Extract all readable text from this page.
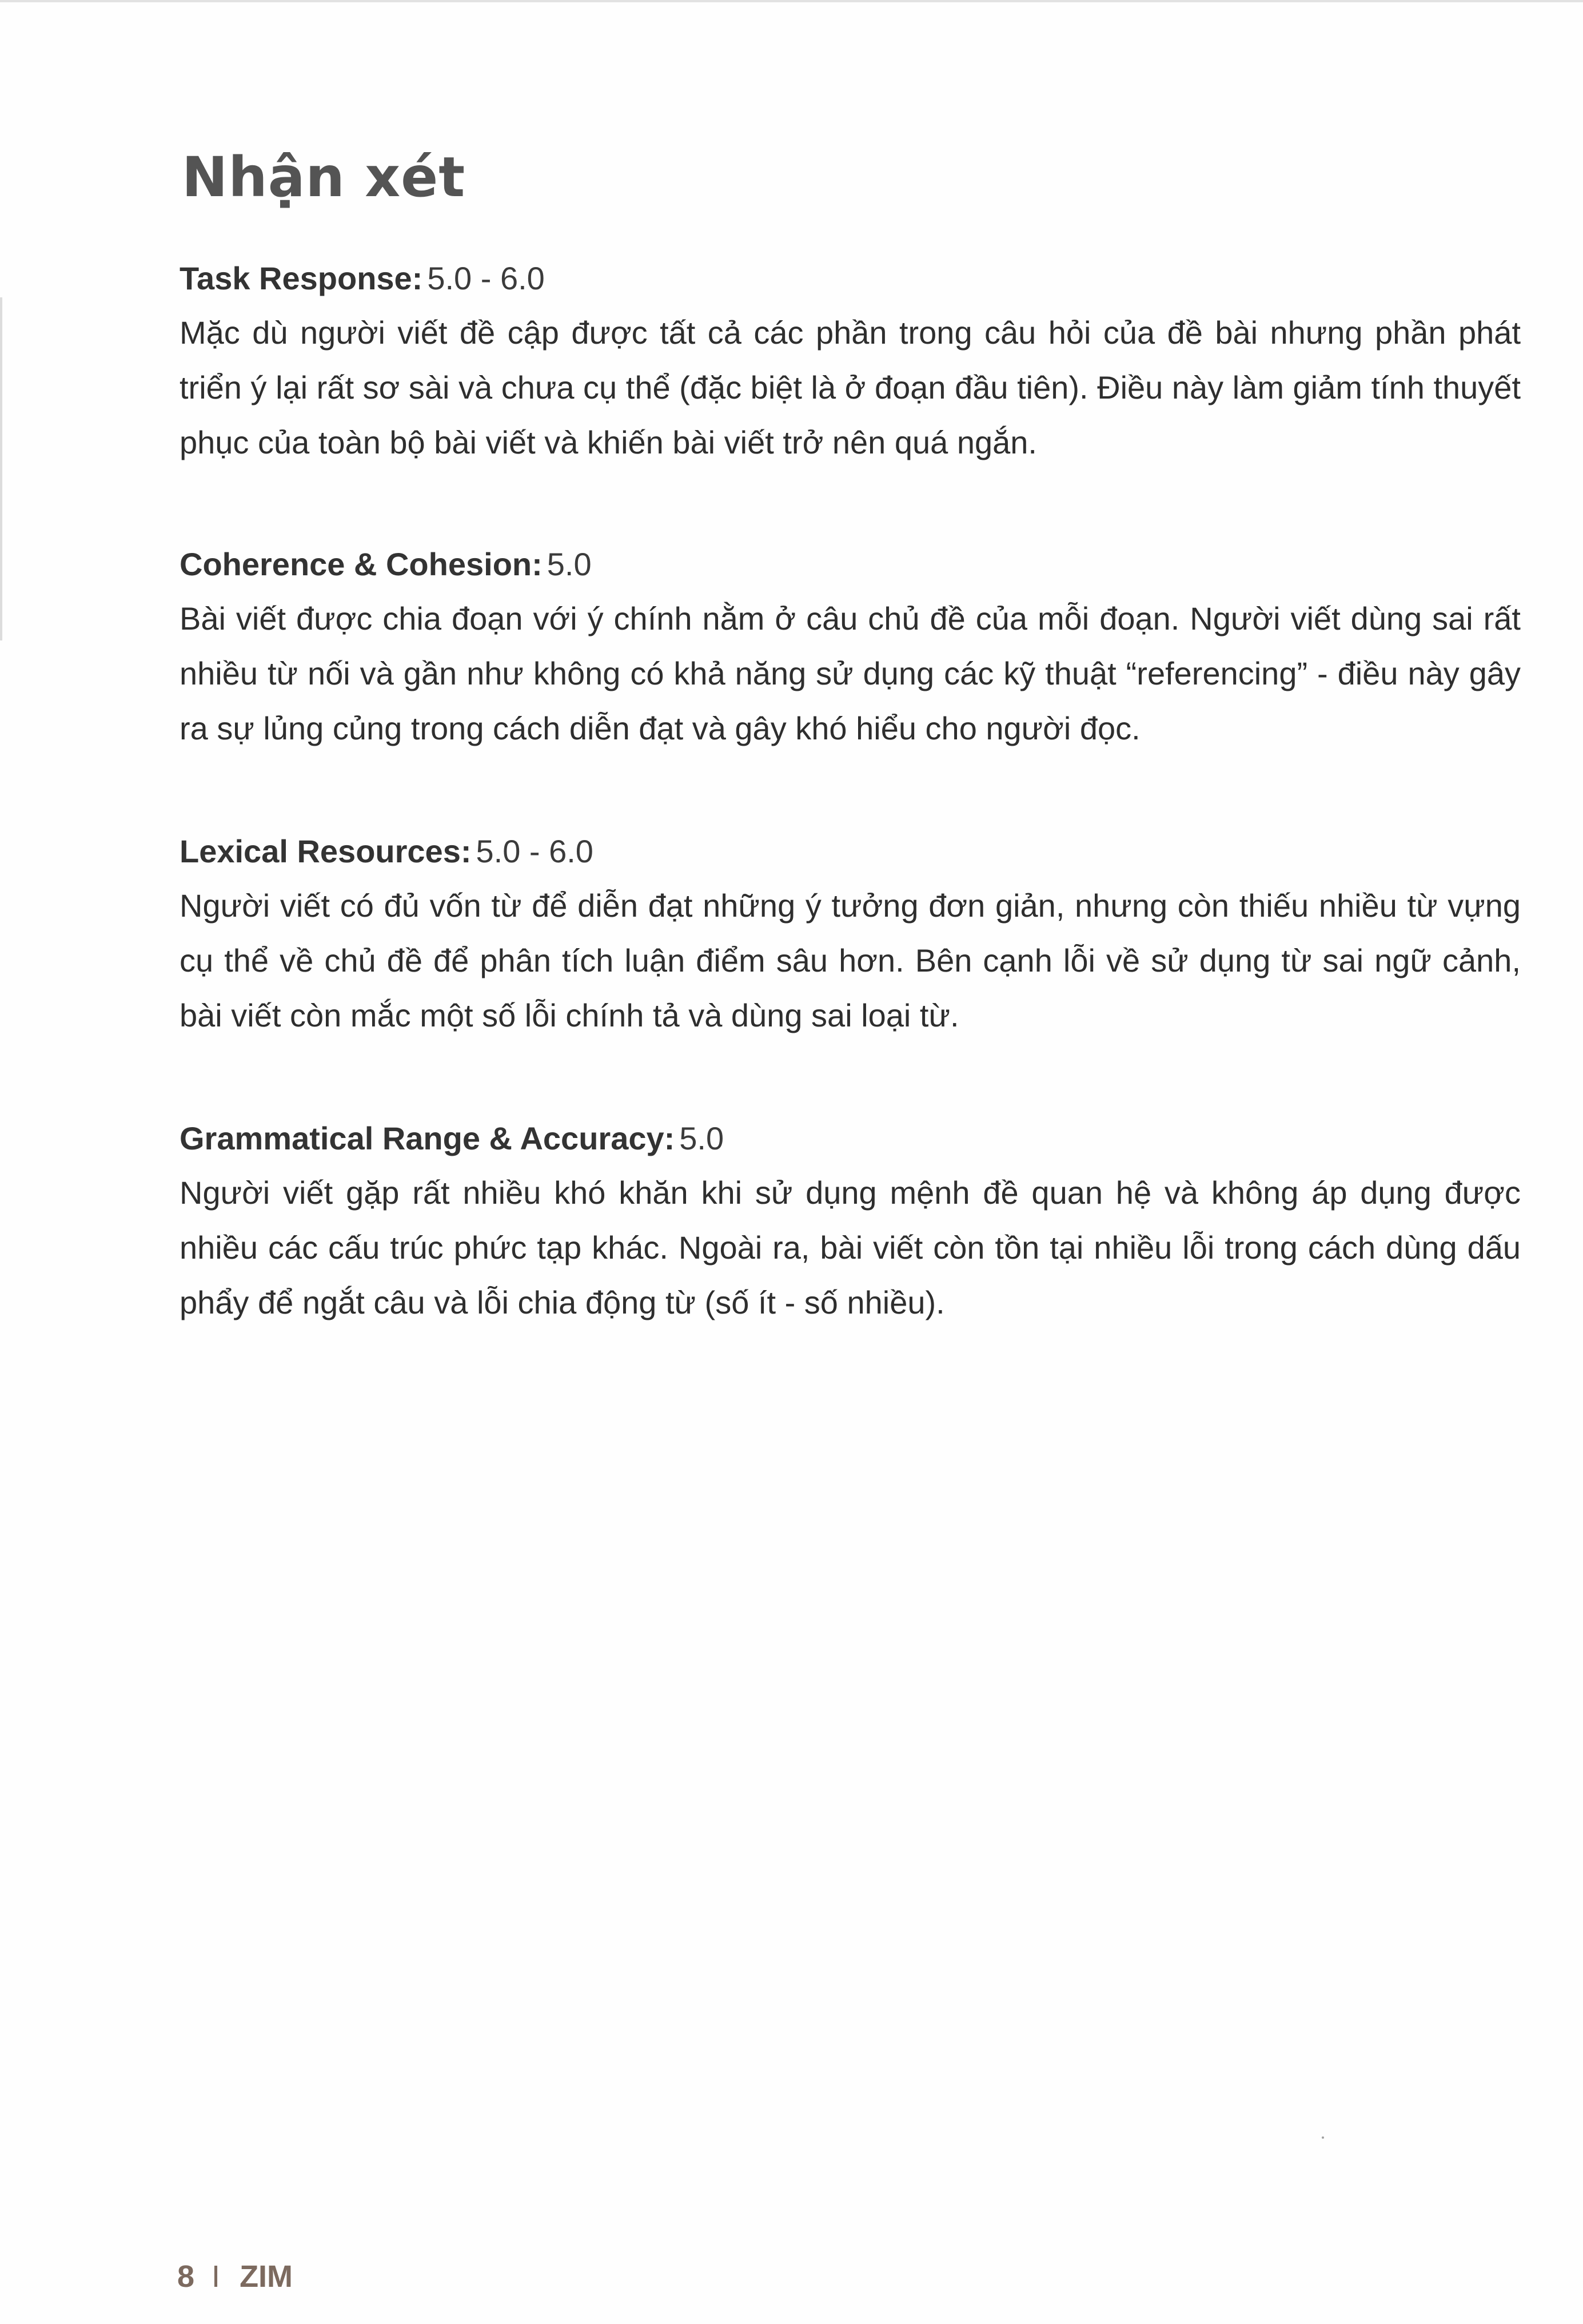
Nhận xét

Task Response: 5.0 - 6.0

Mặc dù người viết đề cập được tất cả các phần trong câu hỏi của đề bài nhưng phần phát triển ý lại rất sơ sài và chưa cụ thể (đặc biệt là ở đoạn đầu tiên). Điều này làm giảm tính thuyết phục của toàn bộ bài viết và khiến bài viết trở nên quá ngắn.

Coherence & Cohesion: 5.0

Bài viết được chia đoạn với ý chính nằm ở câu chủ đề của mỗi đoạn. Người viết dùng sai rất nhiều từ nối và gần như không có khả năng sử dụng các kỹ thuật “referencing” - điều này gây ra sự lủng củng trong cách diễn đạt và gây khó hiểu cho người đọc.

Lexical Resources: 5.0 - 6.0

Người viết có đủ vốn từ để diễn đạt những ý tưởng đơn giản, nhưng còn thiếu nhiều từ vựng cụ thể về chủ đề để phân tích luận điểm sâu hơn. Bên cạnh lỗi về sử dụng từ sai ngữ cảnh, bài viết còn mắc một số lỗi chính tả và dùng sai loại từ.

Grammatical Range & Accuracy: 5.0

Người viết gặp rất nhiều khó khăn khi sử dụng mệnh đề quan hệ và không áp dụng được nhiều các cấu trúc phức tạp khác. Ngoài ra, bài viết còn tồn tại nhiều lỗi trong cách dùng dấu phẩy để ngắt câu và lỗi chia động từ (số ít - số nhiều).

8 I ZIM
